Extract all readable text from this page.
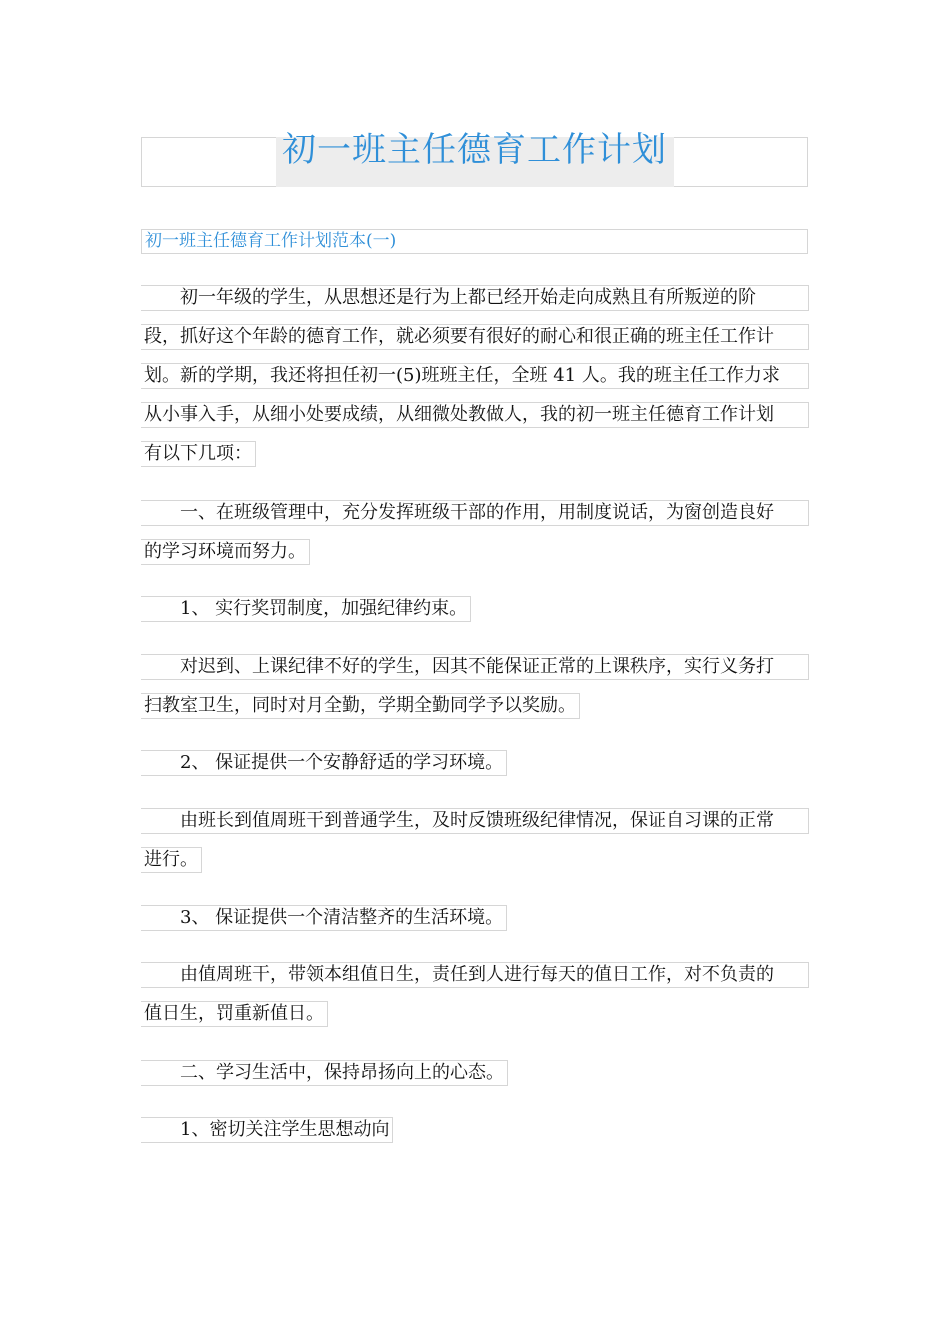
初一班主任德育工作计划
初一班主任德育工作计划范本(一)

初一年级的学生，从思想还是行为上都已经开始走向成熟且有所叛逆的阶
段，抓好这个年龄的德育工作，就必须要有很好的耐心和很正确的班主任工作计
划。新的学期，我还将担任初一(5)班班主任，全班 41 人。我的班主任工作力求
从小事入手，从细小处要成绩，从细微处教做人，我的初一班主任德育工作计划
有以下几项：

一、在班级管理中，充分发挥班级干部的作用，用制度说话，为窗创造良好
的学习环境而努力。

1、 实行奖罚制度，加强纪律约束。

对迟到、上课纪律不好的学生，因其不能保证正常的上课秩序，实行义务打
扫教室卫生，同时对月全勤，学期全勤同学予以奖励。

2、 保证提供一个安静舒适的学习环境。

由班长到值周班干到普通学生，及时反馈班级纪律情况，保证自习课的正常
进行。

3、 保证提供一个清洁整齐的生活环境。

由值周班干，带领本组值日生，责任到人进行每天的值日工作，对不负责的
值日生，罚重新值日。

二、学习生活中，保持昂扬向上的心态。

1、密切关注学生思想动向
